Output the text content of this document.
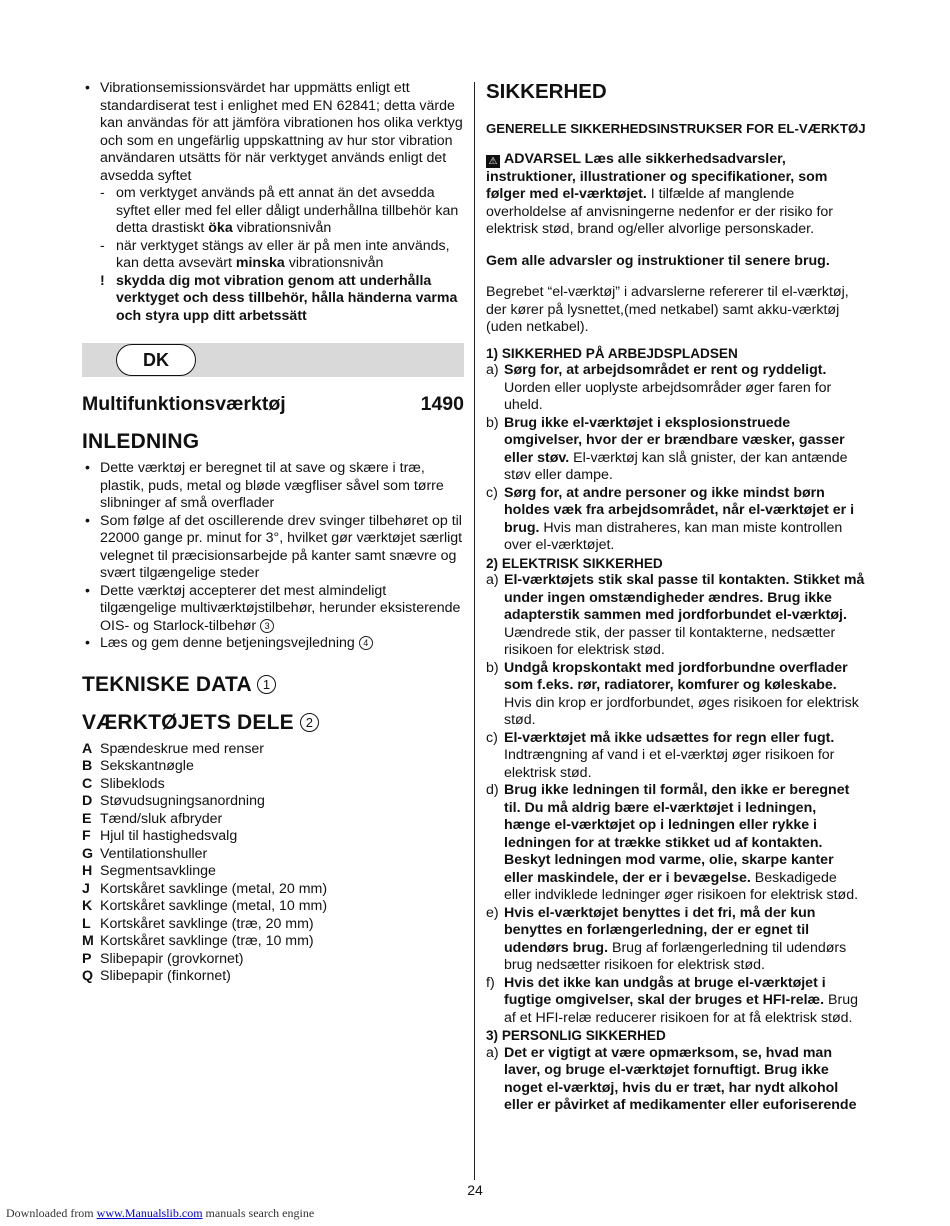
• Vibrationsemissionsvärdet har uppmätts enligt ett standardiserat test i enlighet med EN 62841; detta värde kan användas för att jämföra vibrationen hos olika verktyg och som en ungefärlig uppskattning av hur stor vibration användaren utsätts för när verktyget används enligt det avsedda syftet
- om verktyget används på ett annat än det avsedda syftet eller med fel eller dåligt underhållna tillbehör kan detta drastiskt öka vibrationsnivån
- när verktyget stängs av eller är på men inte används, kan detta avsevärt minska vibrationsnivån
! skydda dig mot vibration genom att underhålla verktyget och dess tillbehör, hålla händerna varma och styra upp ditt arbetssätt
DK
Multifunktionsværktøj	1490
INLEDNING
• Dette værktøj er beregnet til at save og skære i træ, plastik, puds, metal og bløde vægfliser såvel som tørre slibninger af små overflader
• Som følge af det oscillerende drev svinger tilbehøret op til 22000 gange pr. minut for 3°, hvilket gør værktøjet særligt velegnet til præcisionsarbejde på kanter samt snævre og svært tilgængelige steder
• Dette værktøj accepterer det mest almindeligt tilgængelige multiværktøjstilbehør, herunder eksisterende OIS- og Starlock-tilbehør 3
• Læs og gem denne betjeningsvejledning 4
TEKNISKE DATA 1
VÆRKTØJETS DELE 2
A Spændeskrue med renser
B Sekskantnøgle
C Slibeklods
D Støvudsugningsanordning
E Tænd/sluk afbryder
F Hjul til hastighedsvalg
G Ventilationshuller
H Segmentsavklinge
J Kortskåret savklinge (metal, 20 mm)
K Kortskåret savklinge (metal, 10 mm)
L Kortskåret savklinge (træ, 20 mm)
M Kortskåret savklinge (træ, 10 mm)
P Slibepapir (grovkornet)
Q Slibepapir (finkornet)
SIKKERHED
GENERELLE SIKKERHEDSINSTRUKSER FOR EL-VÆRKTØJ
⚠ ADVARSEL Læs alle sikkerhedsadvarsler, instruktioner, illustrationer og specifikationer, som følger med el-værktøjet. I tilfælde af manglende overholdelse af anvisningerne nedenfor er der risiko for elektrisk stød, brand og/eller alvorlige personskader.
Gem alle advarsler og instruktioner til senere brug.
Begrebet “el-værktøj” i advarslerne refererer til el-værktøj, der kører på lysnettet,(med netkabel) samt akku-værktøj (uden netkabel).
1) SIKKERHED PÅ ARBEJDSPLADSEN
a) Sørg for, at arbejdsområdet er rent og ryddeligt. Uorden eller uoplyste arbejdsområder øger faren for uheld.
b) Brug ikke el-værktøjet i eksplosionstruede omgivelser, hvor der er brændbare væsker, gasser eller støv. El-værktøj kan slå gnister, der kan antænde støv eller dampe.
c) Sørg for, at andre personer og ikke mindst børn holdes væk fra arbejdsområdet, når el-værktøjet er i brug. Hvis man distraheres, kan man miste kontrollen over el-værktøjet.
2) ELEKTRISK SIKKERHED
a) El-værktøjets stik skal passe til kontakten. Stikket må under ingen omstændigheder ændres. Brug ikke adapterstik sammen med jordforbundet el-værktøj. Uændrede stik, der passer til kontakterne, nedsætter risikoen for elektrisk stød.
b) Undgå kropskontakt med jordforbundne overflader som f.eks. rør, radiatorer, komfurer og køleskabe. Hvis din krop er jordforbundet, øges risikoen for elektrisk stød.
c) El-værktøjet må ikke udsættes for regn eller fugt. Indtrængning af vand i et el-værktøj øger risikoen for elektrisk stød.
d) Brug ikke ledningen til formål, den ikke er beregnet til. Du må aldrig bære el-værktøjet i ledningen, hænge el-værktøjet op i ledningen eller rykke i ledningen for at trække stikket ud af kontakten. Beskyt ledningen mod varme, olie, skarpe kanter eller maskindele, der er i bevægelse. Beskadigede eller indviklede ledninger øger risikoen for elektrisk stød.
e) Hvis el-værktøjet benyttes i det fri, må der kun benyttes en forlængerledning, der er egnet til udendørs brug. Brug af forlængerledning til udendørs brug nedsætter risikoen for elektrisk stød.
f) Hvis det ikke kan undgås at bruge el-værktøjet i fugtige omgivelser, skal der bruges et HFI-relæ. Brug af et HFI-relæ reducerer risikoen for at få elektrisk stød.
3) PERSONLIG SIKKERHED
a) Det er vigtigt at være opmærksom, se, hvad man laver, og bruge el-værktøjet fornuftigt. Brug ikke noget el-værktøj, hvis du er træt, har nydt alkohol eller er påvirket af medikamenter eller euforiserende
24
Downloaded from www.Manualslib.com manuals search engine
